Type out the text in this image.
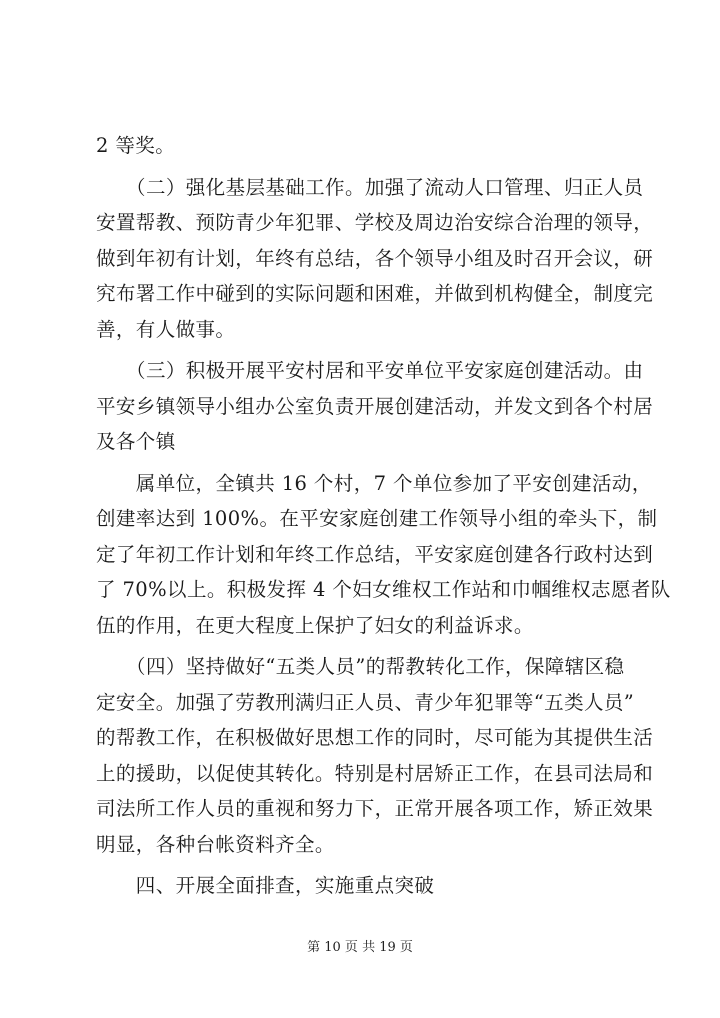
2 等奖。
　　（二）强化基层基础工作。加强了流动人口管理、归正人员
安置帮教、预防青少年犯罪、学校及周边治安综合治理的领导，
做到年初有计划，年终有总结，各个领导小组及时召开会议，研
究布署工作中碰到的实际问题和困难，并做到机构健全，制度完
善，有人做事。
　　（三）积极开展平安村居和平安单位平安家庭创建活动。由
平安乡镇领导小组办公室负责开展创建活动，并发文到各个村居
及各个镇
　　属单位，全镇共 16 个村，7 个单位参加了平安创建活动，
创建率达到 100%。在平安家庭创建工作领导小组的牵头下，制
定了年初工作计划和年终工作总结，平安家庭创建各行政村达到
了 70%以上。积极发挥 4 个妇女维权工作站和巾帼维权志愿者队
伍的作用，在更大程度上保护了妇女的利益诉求。
　　（四）坚持做好“五类人员”的帮教转化工作，保障辖区稳
定安全。加强了劳教刑满归正人员、青少年犯罪等“五类人员”
的帮教工作，在积极做好思想工作的同时，尽可能为其提供生活
上的援助，以促使其转化。特别是村居矫正工作，在县司法局和
司法所工作人员的重视和努力下，正常开展各项工作，矫正效果
明显，各种台帐资料齐全。
　　四、开展全面排查，实施重点突破
第 10 页 共 19 页
